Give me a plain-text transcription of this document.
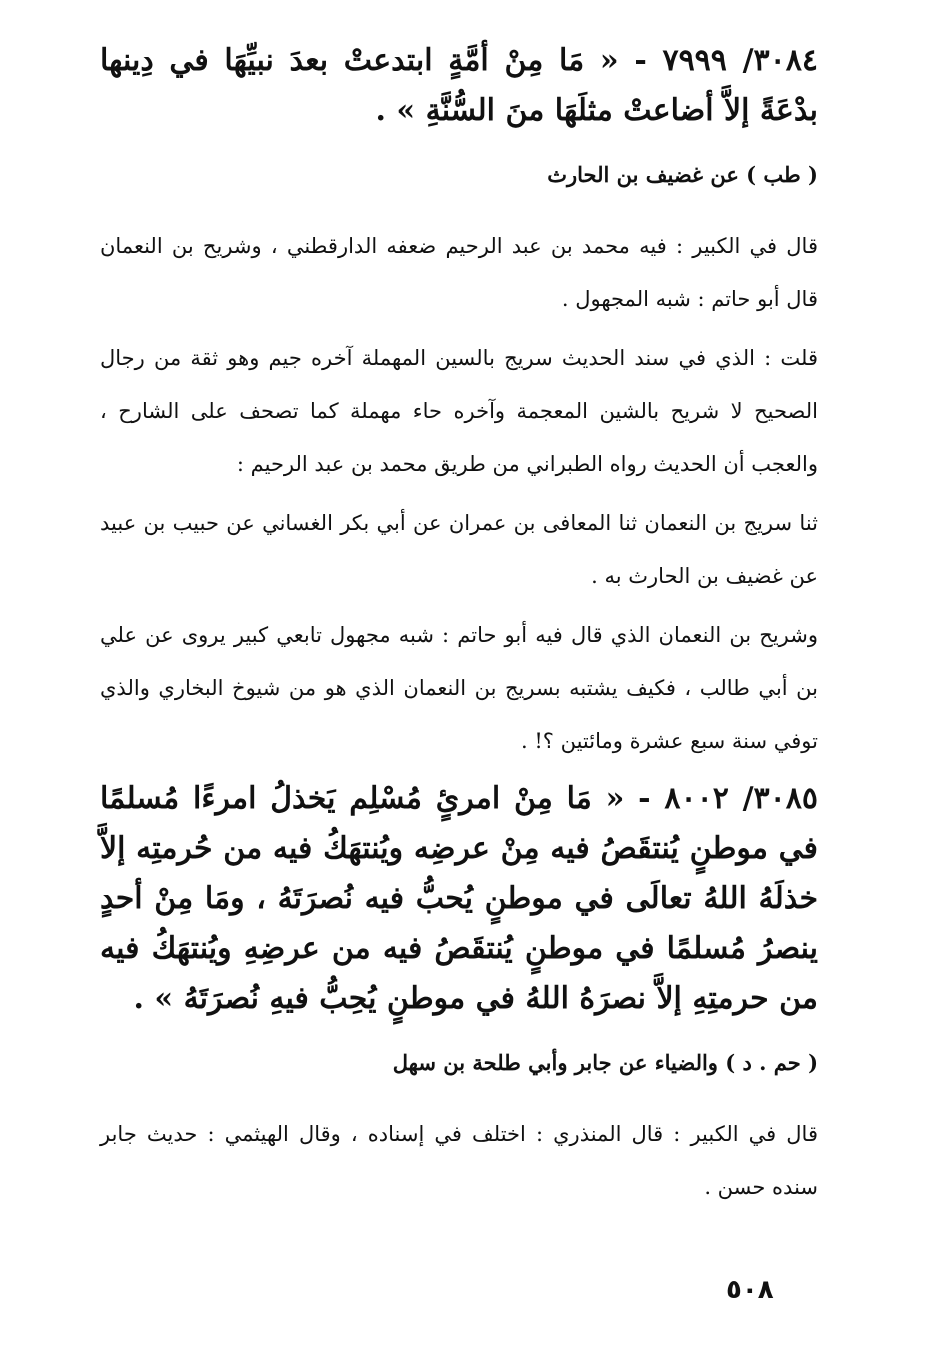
٣٠٨٤/ ٧٩٩٩ - « مَا مِنْ أمَّةٍ ابتدعتْ بعدَ نبيِّهَا في دِينها بدْعَةً إلاَّ أضاعتْ مثلَهَا منَ السُّنَّةِ » .

( طب ) عن غضيف بن الحارث

قال في الكبير : فيه محمد بن عبد الرحيم ضعفه الدارقطني ، وشريح بن النعمان قال أبو حاتم : شبه المجهول .

قلت : الذي في سند الحديث سريج بالسين المهملة آخره جيم وهو ثقة من رجال الصحيح لا شريح بالشين المعجمة وآخره حاء مهملة كما تصحف على الشارح ، والعجب أن الحديث رواه الطبراني من طريق محمد بن عبد الرحيم :

ثنا سريج بن النعمان ثنا المعافى بن عمران عن أبي بكر الغساني عن حبيب بن عبيد عن غضيف بن الحارث به .

وشريح بن النعمان الذي قال فيه أبو حاتم : شبه مجهول تابعي كبير يروى عن علي بن أبي طالب ، فكيف يشتبه بسريج بن النعمان الذي هو من شيوخ البخاري والذي توفي سنة سبع عشرة ومائتين ؟! .

٣٠٨٥/ ٨٠٠٢ - « مَا مِنْ امرئٍ مُسْلِم يَخذلُ امرءًا مُسلمًا في موطنٍ يُنتقَصُ فيه مِنْ عرضِه ويُنتهَكُ فيه من حُرمتِه إلاَّ خذلَهُ اللهُ تعالَى في موطنٍ يُحبُّ فيه نُصرَتَهُ ، ومَا مِنْ أحدٍ ينصرُ مُسلمًا في موطنٍ يُنتقَصُ فيه من عرضِهِ ويُنتهَكُ فيه من حرمتِهِ إلاَّ نصرَهُ اللهُ في موطنٍ يُحِبُّ فيهِ نُصرَتَهُ » .

( حم . د ) والضياء عن جابر وأبي طلحة بن سهل

قال في الكبير : قال المنذري : اختلف في إسناده ، وقال الهيثمي : حديث جابر سنده حسن .

٥٠٨
